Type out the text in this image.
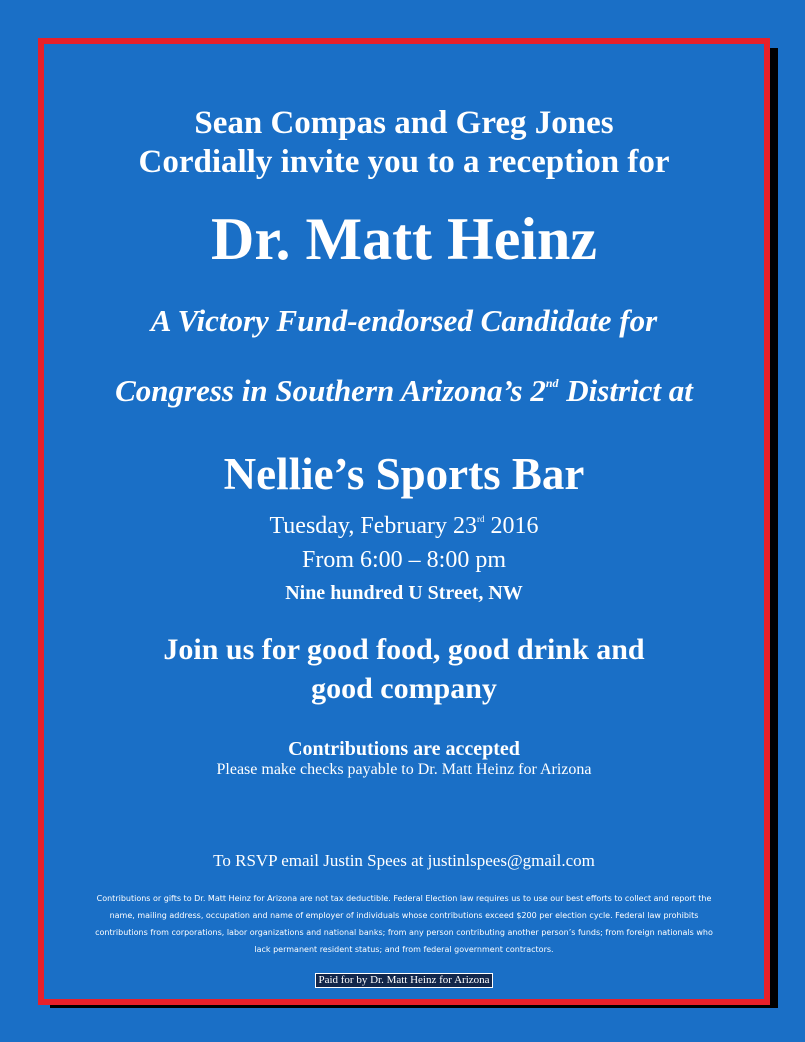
Sean Compas and Greg Jones
Cordially invite you to a reception for
Dr. Matt Heinz
A Victory Fund-endorsed Candidate for
Congress in Southern Arizona’s 2nd District at
Nellie’s Sports Bar
Tuesday, February 23rd 2016
From 6:00 – 8:00 pm
Nine hundred U Street, NW
Join us for good food, good drink and
good company
Contributions are accepted
Please make checks payable to Dr. Matt Heinz for Arizona
To RSVP email Justin Spees at justinlspees@gmail.com
Contributions or gifts to Dr. Matt Heinz for Arizona are not tax deductible. Federal Election law requires us to use our best efforts to collect and report the name, mailing address, occupation and name of employer of individuals whose contributions exceed $200 per election cycle. Federal law prohibits contributions from corporations, labor organizations and national banks; from any person contributing another person’s funds; from foreign nationals who lack permanent resident status; and from federal government contractors.
Paid for by Dr. Matt Heinz for Arizona
